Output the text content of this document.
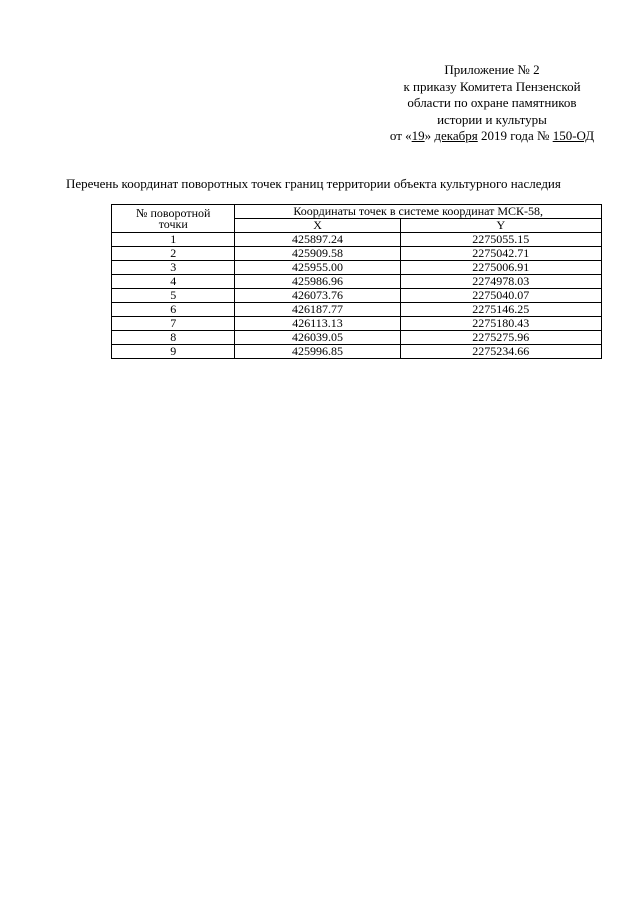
Приложение № 2
к приказу Комитета Пензенской
области по охране памятников
истории и культуры
от «19» декабря 2019 года № 150-ОД
Перечень координат поворотных точек границ территории объекта культурного наследия
№ поворотной
точки	Координаты точек в системе координат МСК-58,	
	X	Y
1	425897.24	2275055.15
2	425909.58	2275042.71
3	425955.00	2275006.91
4	425986.96	2274978.03
5	426073.76	2275040.07
6	426187.77	2275146.25
7	426113.13	2275180.43
8	426039.05	2275275.96
9	425996.85	2275234.66
